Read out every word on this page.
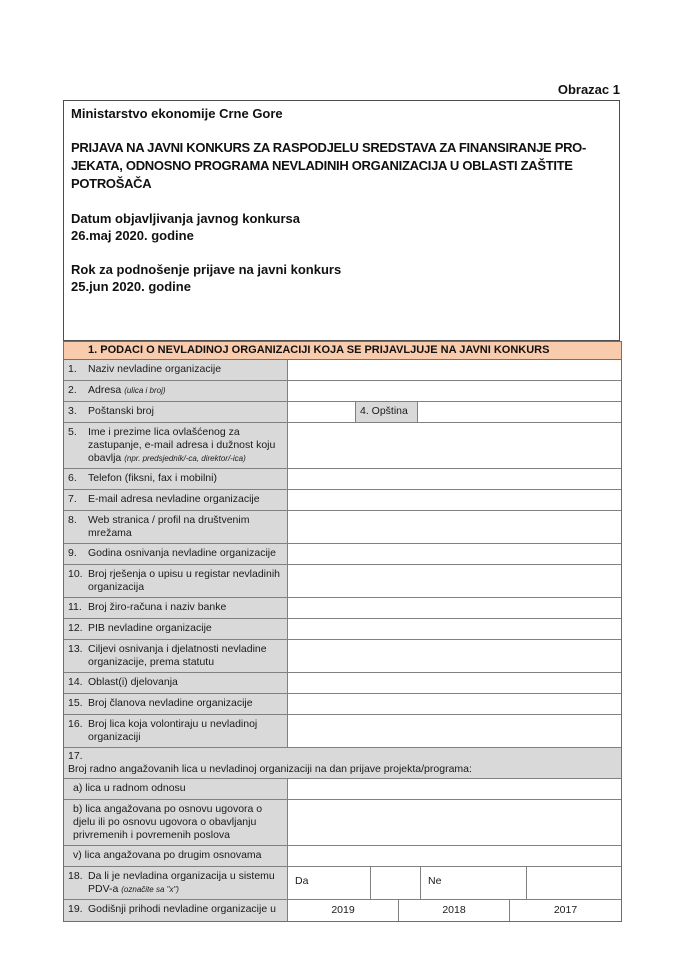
Obrazac 1
Ministarstvo ekonomije Crne Gore
PRIJAVA NA JAVNI KONKURS ZA RASPODJELU SREDSTAVA ZA FINANSIRANJE PRO-
JEKATA, ODNOSNO PROGRAMA NEVLADINIH ORGANIZACIJA U OBLASTI ZAŠTITE
POTROŠAČA
Datum objavljivanja javnog konkursa
26.maj 2020. godine
Rok za podnošenje prijave na javni konkurs
25.jun 2020. godine
1. PODACI O NEVLADINOJ ORGANIZACIJI KOJA SE PRIJAVLJUJE NA JAVNI KONKURS
1.	Naziv nevladine organizacije
2.	Adresa (ulica i broj)
3.	Poštanski broj	4. Opština
5.	Ime i prezime lica ovlašćenog za zastupanje, e-mail adresa i dužnost koju obavlja (npr. predsjednik/-ca, direktor/-ica)
6.	Telefon (fiksni, fax i mobilni)
7.	E-mail adresa nevladine organizacije
8.	Web stranica / profil na društvenim mrežama
9.	Godina osnivanja nevladine organizacije
10. Broj rješenja o upisu u registar nevladinih organizacija
11. Broj žiro-računa i naziv banke
12. PIB nevladine organizacije
13. Ciljevi osnivanja i djelatnosti nevladine organizacije, prema statutu
14. Oblast(i) djelovanja
15. Broj članova nevladine organizacije
16. Broj lica koja volontiraju u nevladinoj organizaciji
17.
Broj radno angažovanih lica u nevladinoj organizaciji na dan prijave projekta/programa:
a) lica u radnom odnosu
b) lica angažovana po osnovu ugovora o djelu ili po osnovu ugovora o obavljanju privremenih i povremenih poslova
v) lica angažovana po drugim osnovama
18. Da li je nevladina organizacija u sistemu PDV-a (označite sa "x")
Da	Ne
19. Godišnji prihodi nevladine organizacije u	2019	2018	2017
